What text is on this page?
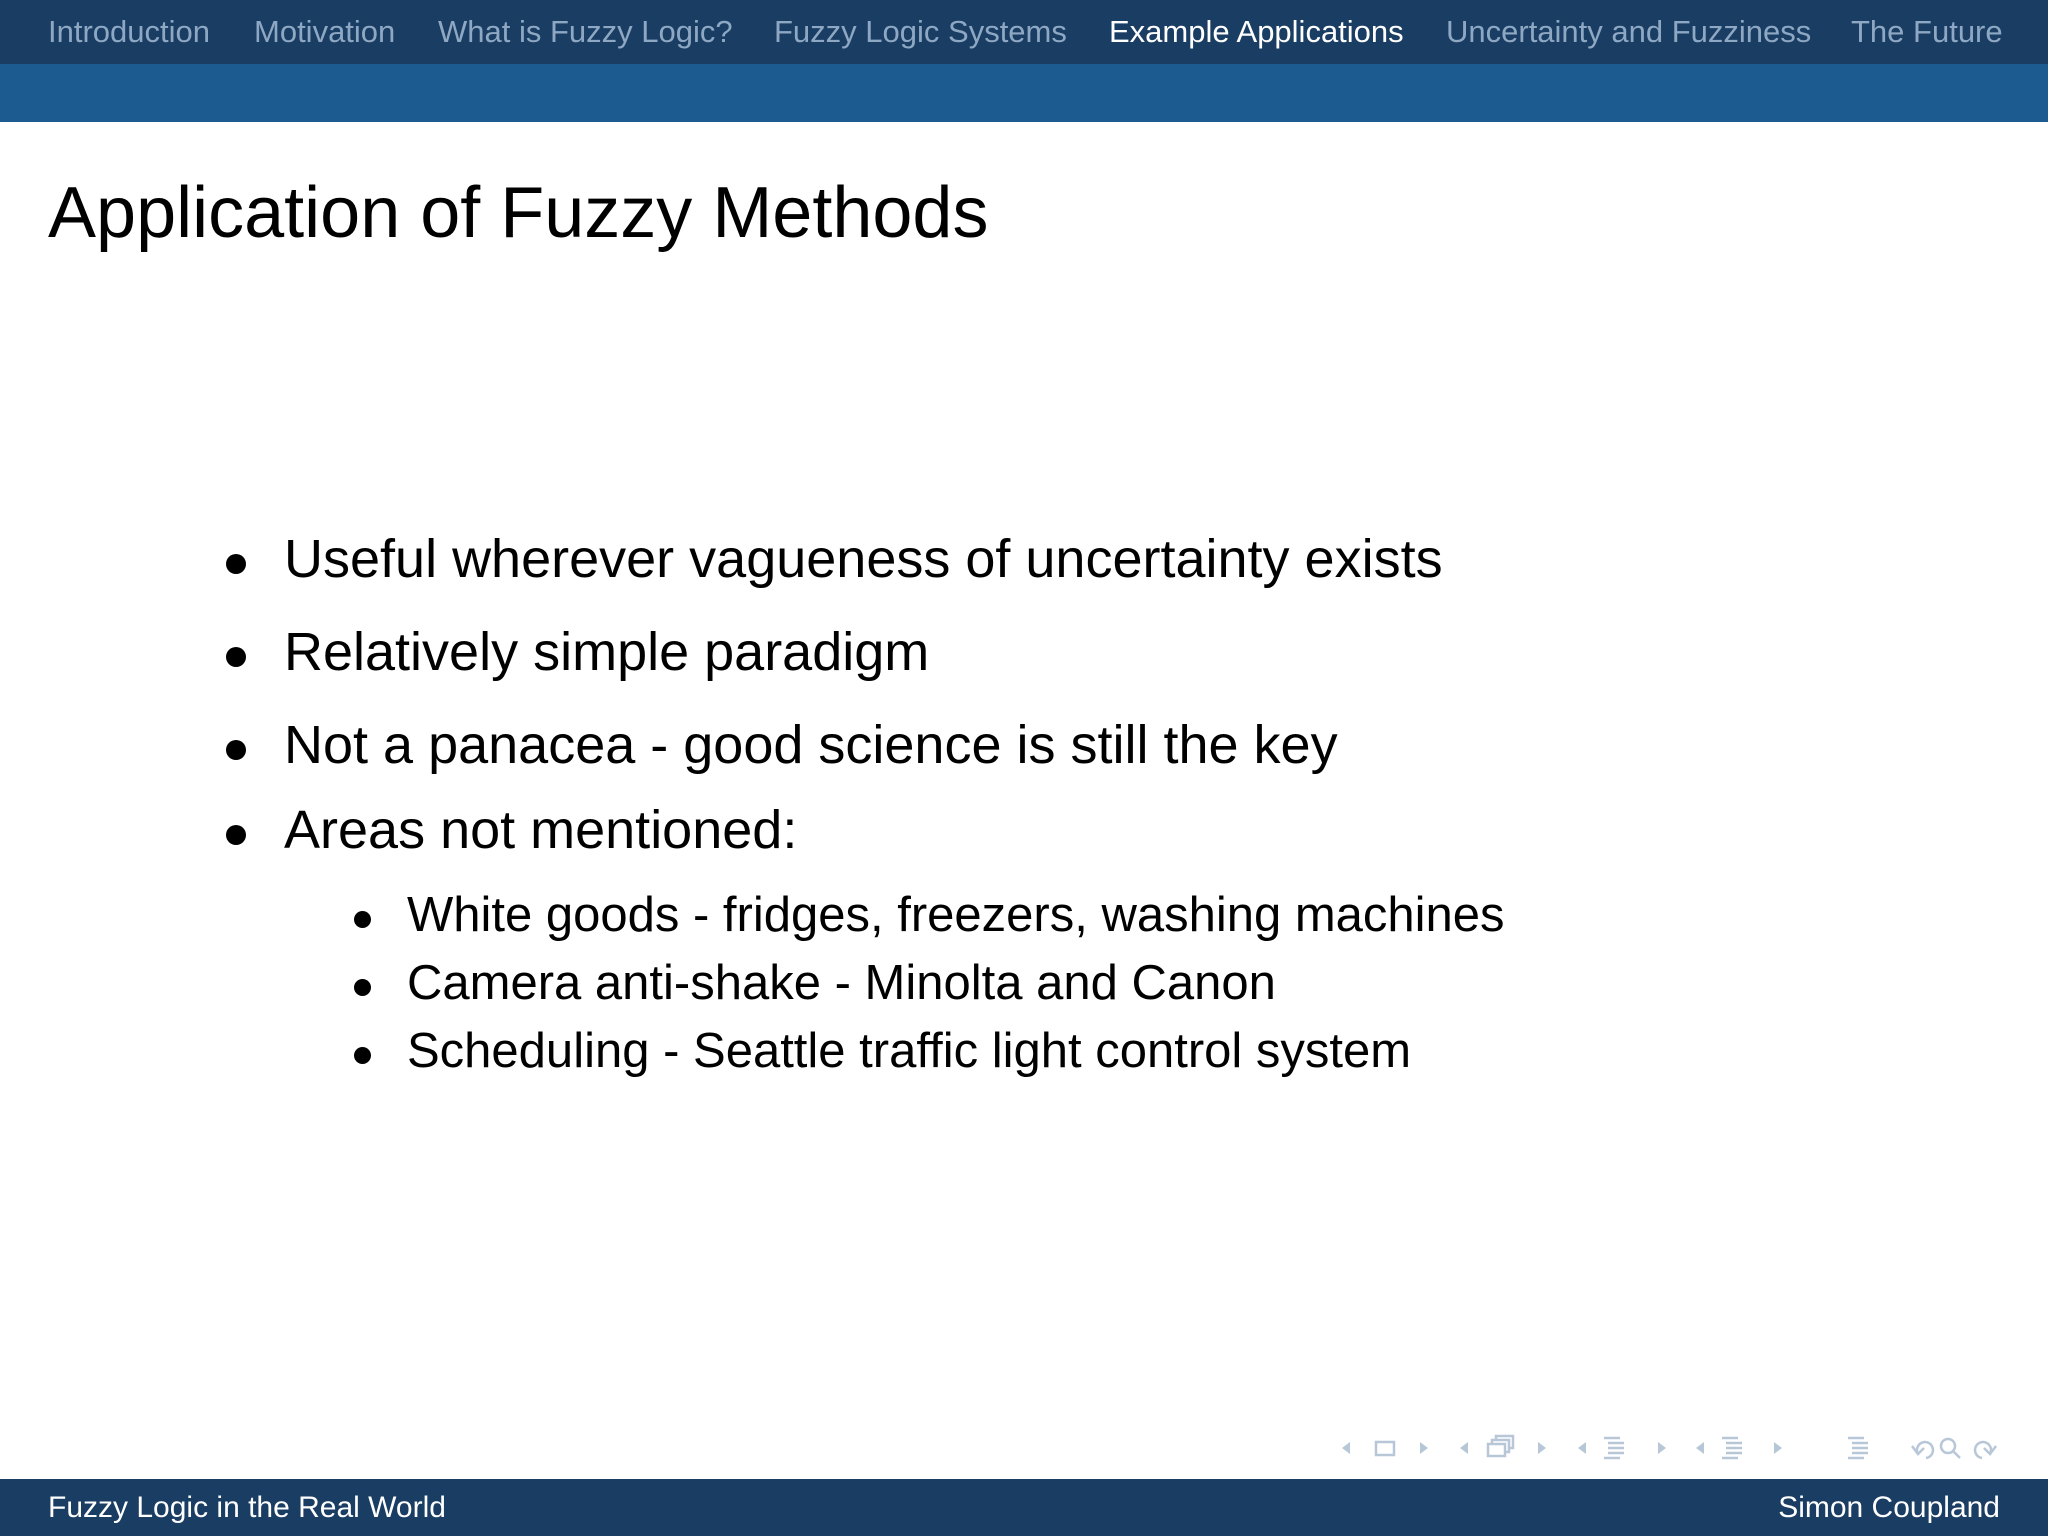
Introduction Motivation What is Fuzzy Logic? Fuzzy Logic Systems Example Applications Uncertainty and Fuzziness The Future
Application of Fuzzy Methods
Useful wherever vagueness of uncertainty exists
Relatively simple paradigm
Not a panacea - good science is still the key
Areas not mentioned:
White goods - fridges, freezers, washing machines
Camera anti-shake - Minolta and Canon
Scheduling - Seattle traffic light control system
Fuzzy Logic in the Real World	Simon Coupland
